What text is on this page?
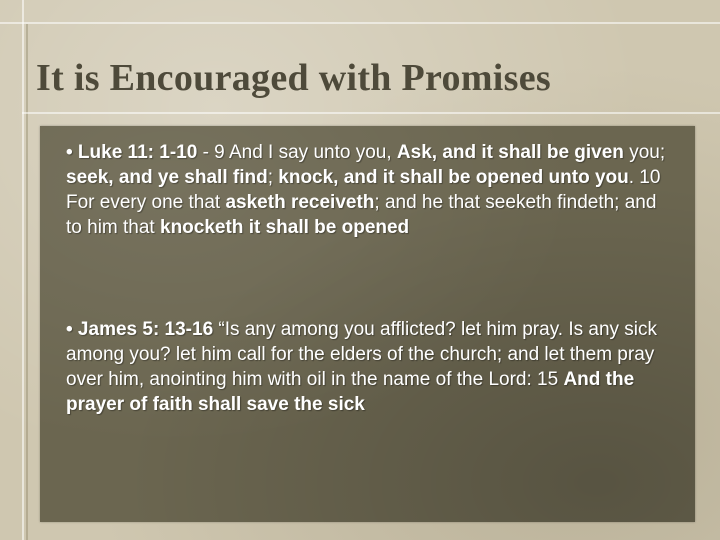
It is Encouraged with Promises
• Luke 11: 1-10 - 9 And I say unto you, Ask, and it shall be given you; seek, and ye shall find; knock, and it shall be opened unto you. 10 For every one that asketh receiveth; and he that seeketh findeth; and to him that knocketh it shall be opened
• James 5: 13-16 “Is any among you afflicted? let him pray. Is any sick among you? let him call for the elders of the church; and let them pray over him, anointing him with oil in the name of the Lord: 15 And the prayer of faith shall save the sick
